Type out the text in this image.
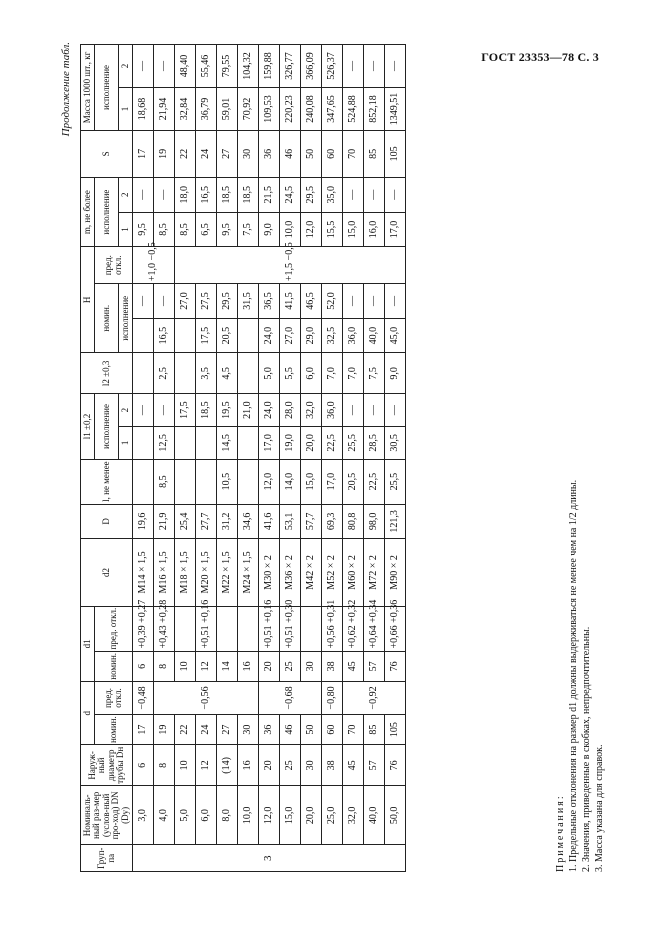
ГОСТ 23353—78 С. 3
Продолжение табл.
Груп-па	Номиналь-ный раз-мер (услов-ный про-ход) DN (Dy)	Наруж-ный диаметр трубы Dн	d		d1		d2	D	l, не менее	l1 ±0,2		l2 ±0,3	H			m, не более		S	Масса 1000 шт., кг	
			номин.	пред. откл.	номин.	пред. откл.				исполнение			номин.		пред. откл.	исполнение			исполнение	
										1	2		исполнение			1	2		1	2
3	3,0	6	17	−0,48	6	+0,39 +0,27	M14 × 1,5	19,6			—			—	+1,0 −0,5	9,5	—	17	18,68	—
	4,0	8	19	−0,56	8	+0,43 +0,28	M16 × 1,5	21,9	8,5	12,5	—	2,5	16,5	—		8,5	—	19	21,94	—
	5,0	10	22		10		M18 × 1,5	25,4			17,5			27,0	+1,5 −0,5	8,5	18,0	22	32,84	48,40
	6,0	12	24		12	+0,51 +0,16	M20 × 1,5	27,7			18,5	3,5	17,5	27,5		6,5	16,5	24	36,79	55,46
	8,0	(14)	27		14		M22 × 1,5	31,2	10,5	14,5	19,5	4,5	20,5	29,5		9,5	18,5	27	59,01	79,55
	10,0	16	30		16		M24 × 1,5	34,6			21,0			31,5		7,5	18,5	30	70,92	104,32
	12,0	20	36	−0,68	20	+0,51 +0,16	M30 × 2	41,6	12,0	17,0	24,0	5,0	24,0	36,5		9,0	21,5	36	109,53	159,88
	15,0	25	46		25	+0,51 +0,30	M36 × 2	53,1	14,0	19,0	28,0	5,5	27,0	41,5		10,0	24,5	46	220,23	326,77
	20,0	30	50		30		M42 × 2	57,7	15,0	20,0	32,0	6,0	29,0	46,5		12,0	29,5	50	240,08	366,09
	25,0	38	60	−0,80	38	+0,56 +0,31	M52 × 2	69,3	17,0	22,5	36,0	7,0	32,5	52,0		15,5	35,0	60	347,65	526,37
	32,0	45	70	−0,92	45	+0,62 +0,32	M60 × 2	80,8	20,5	25,5	—	7,0	36,0	—		15,0	—	70	524,88	—
	40,0	57	85		57	+0,64 +0,34	M72 × 2	98,0	22,5	28,5	—	7,5	40,0	—		16,0	—	85	852,18	—
	50,0	76	105		76	+0,66 +0,36	M90 × 2	121,3	25,5	30,5	—	9,0	45,0	—		17,0	—	105	1349,51	—
Примечания: 1. Предельные отклонения на размер d1 должны выдерживаться не менее чем на 1/2 длины. 2. Значения, приведенные в скобках, непредпочтительны. 3. Масса указана для справок.
